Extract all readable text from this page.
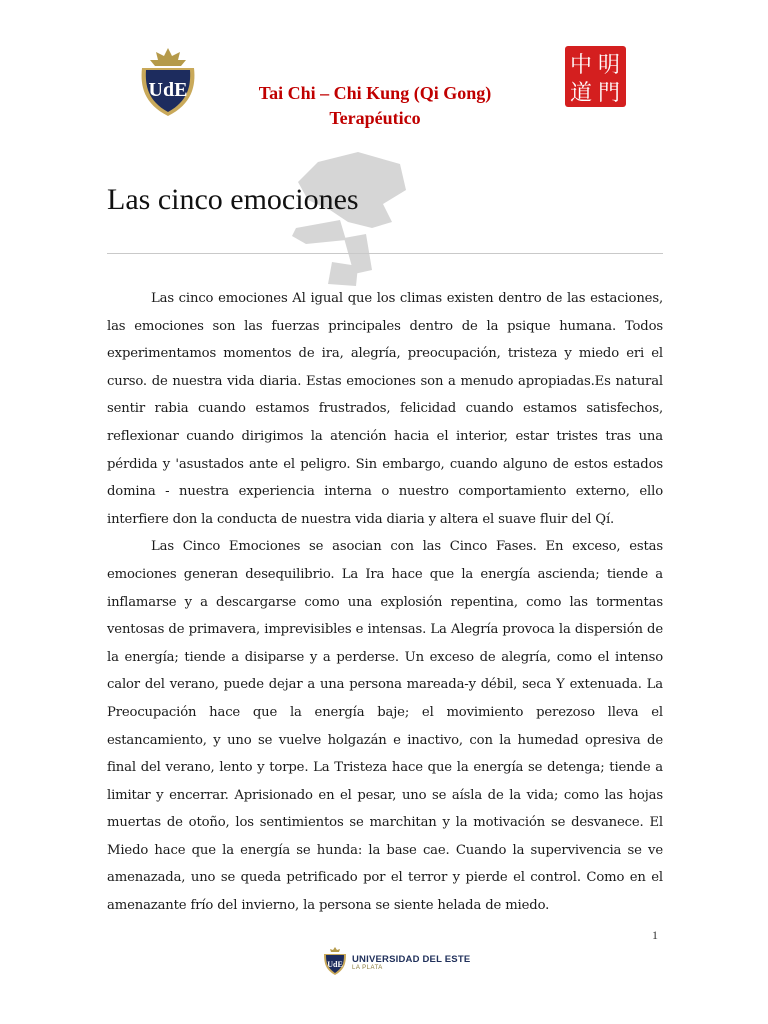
UdE	Tai Chi – Chi Kung (Qi Gong)
Terapéutico
中 明
道 門
Las cinco emociones

Las cinco emociones Al igual que los climas existen dentro de las estaciones, las emociones son las fuerzas principales dentro de la psique humana. Todos experimentamos momentos de ira, alegría, preocupación, tristeza y miedo eri el curso. de nuestra vida diaria. Estas emociones son a menudo apropiadas.Es natural sentir rabia cuando estamos frustrados, felicidad cuando estamos satisfechos, reflexionar cuando dirigimos la atención hacia el interior, estar tristes tras una pérdida y 'asustados ante el peligro. Sin embargo, cuando alguno de estos estados domina - nuestra experiencia interna o nuestro comportamiento externo, ello interfiere don la conducta de nuestra vida diaria y altera el suave fluir del Qí.

Las Cinco Emociones se asocian con las Cinco Fases. En exceso, estas emociones generan desequilibrio. La Ira hace que la energía ascienda; tiende a inflamarse y a descargarse como una explosión repentina, como las tormentas ventosas de primavera, imprevisibles e intensas. La Alegría provoca la dispersión de la energía; tiende a disiparse y a perderse. Un exceso de alegría, como el intenso calor del verano, puede dejar a una persona mareada-y débil, seca Y extenuada. La Preocupación hace que la energía baje; el movimiento perezoso lleva el estancamiento, y uno se vuelve holgazán e inactivo, con la humedad opresiva de final del verano, lento y torpe. La Tristeza hace que la energía se detenga; tiende a limitar y encerrar. Aprisionado en el pesar, uno se aísla de la vida; como las hojas muertas de otoño, los sentimientos se marchitan y la motivación se desvanece. El Miedo hace que la energía se hunda: la base cae. Cuando la supervivencia se ve amenazada, uno se queda petrificado por el terror y pierde el control. Como en el amenazante frío del invierno, la persona se siente helada de miedo.

1
UdE UNIVERSIDAD DEL ESTE
LA PLATA
